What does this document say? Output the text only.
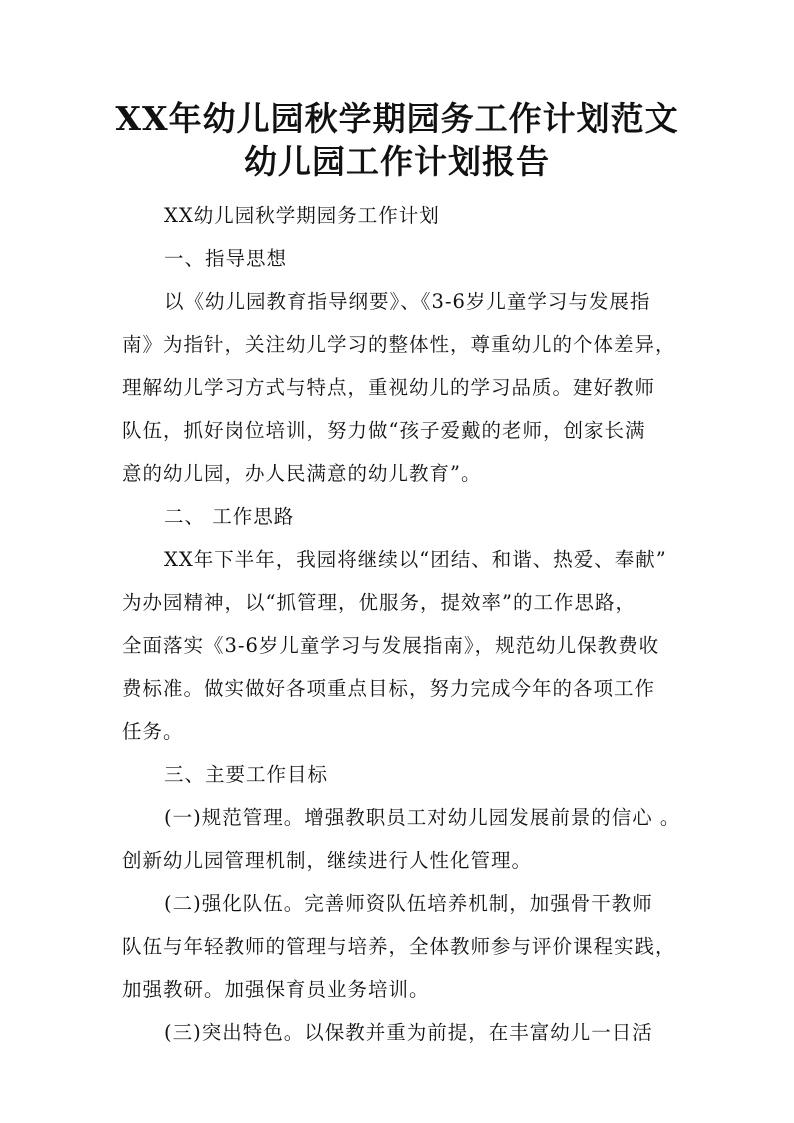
XX年幼儿园秋学期园务工作计划范文
幼儿园工作计划报告
XX幼儿园秋学期园务工作计划
一、指导思想
以《幼儿园教育指导纲要》、《3-6岁儿童学习与发展指
南》为指针，关注幼儿学习的整体性，尊重幼儿的个体差异，
理解幼儿学习方式与特点，重视幼儿的学习品质。建好教师
队伍，抓好岗位培训，努力做“孩子爱戴的老师，创家长满
意的幼儿园，办人民满意的幼儿教育”。
二、 工作思路
XX年下半年，我园将继续以“团结、和谐、热爱、奉献”
为办园精神，以“抓管理，优服务，提效率”的工作思路，
全面落实《3-6岁儿童学习与发展指南》，规范幼儿保教费收
费标准。做实做好各项重点目标，努力完成今年的各项工作
任务。
三、主要工作目标
(一)规范管理。增强教职员工对幼儿园发展前景的信心 。
创新幼儿园管理机制，继续进行人性化管理。
(二)强化队伍。完善师资队伍培养机制，加强骨干教师
队伍与年轻教师的管理与培养，全体教师参与评价课程实践，
加强教研。加强保育员业务培训。
(三)突出特色。以保教并重为前提，在丰富幼儿一日活
